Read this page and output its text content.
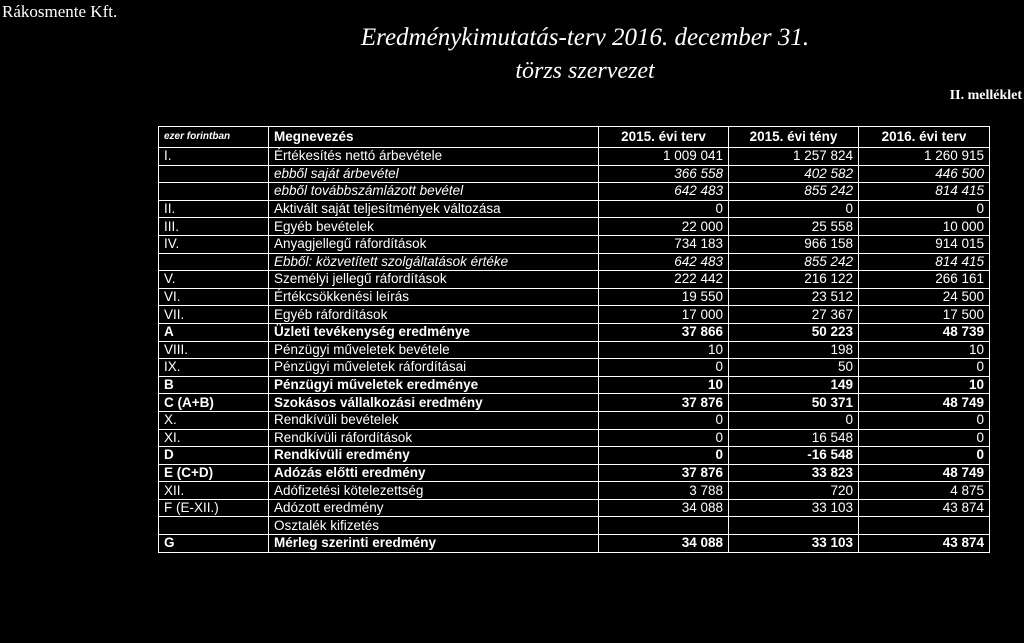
Rákosmente Kft.
Eredménykimutatás-terv 2016. december 31.
törzs szervezet
II. melléklet
ezer forintban	Megnevezés	2015. évi terv	2015. évi tény	2016. évi terv
I.	Értékesítés nettó árbevétele	1 009 041	1 257 824	1 260 915
	ebből saját árbevétel	366 558	402 582	446 500
	ebből továbbszámlázott bevétel	642 483	855 242	814 415
II.	Aktivált saját teljesítmények változása	0	0	0
III.	Egyéb bevételek	22 000	25 558	10 000
IV.	Anyagjellegű ráfordítások	734 183	966 158	914 015
	Ebből: közvetített szolgáltatások értéke	642 483	855 242	814 415
V.	Személyi jellegű ráfordítások	222 442	216 122	266 161
VI.	Értékcsökkenési leírás	19 550	23 512	24 500
VII.	Egyéb ráfordítások	17 000	27 367	17 500
A	Üzleti tevékenység eredménye	37 866	50 223	48 739
VIII.	Pénzügyi műveletek bevétele	10	198	10
IX.	Pénzügyi műveletek ráfordításai	0	50	0
B	Pénzügyi műveletek eredménye	10	149	10
C (A+B)	Szokásos vállalkozási eredmény	37 876	50 371	48 749
X.	Rendkívüli bevételek	0	0	0
XI.	Rendkívüli ráfordítások	0	16 548	0
D	Rendkívüli eredmény	0	-16 548	0
E (C+D)	Adózás előtti eredmény	37 876	33 823	48 749
XII.	Adófizetési kötelezettség	3 788	720	4 875
F (E-XII.)	Adózott eredmény	34 088	33 103	43 874
	Osztalék kifizetés			
G	Mérleg szerinti eredmény	34 088	33 103	43 874
